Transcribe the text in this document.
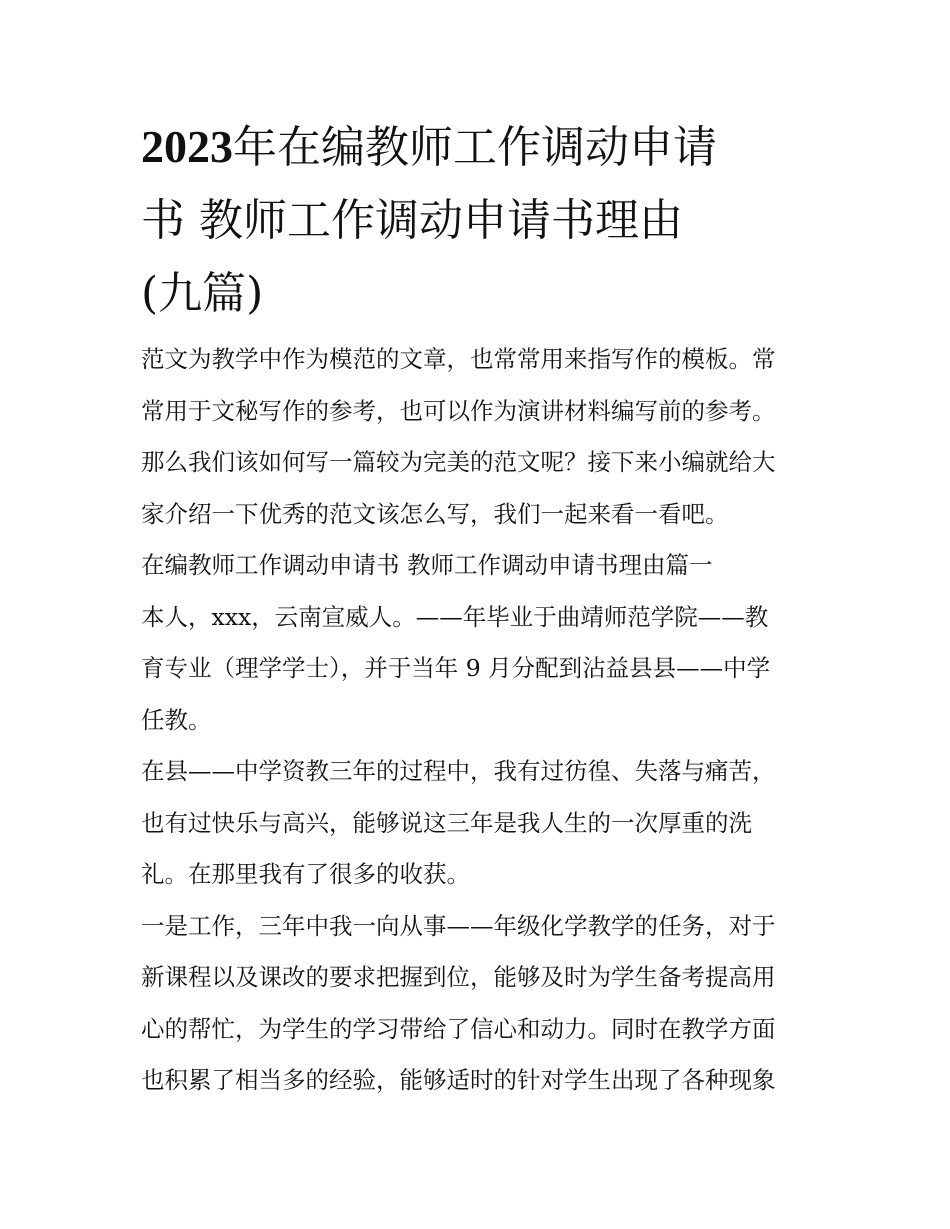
2023年在编教师工作调动申请
书 教师工作调动申请书理由
(九篇)

范文为教学中作为模范的文章，也常常用来指写作的模板。常

常用于文秘写作的参考，也可以作为演讲材料编写前的参考。

那么我们该如何写一篇较为完美的范文呢？接下来小编就给大

家介绍一下优秀的范文该怎么写，我们一起来看一看吧。

在编教师工作调动申请书 教师工作调动申请书理由篇一

本人，xxx，云南宣威人。——年毕业于曲靖师范学院——教

育专业（理学学士），并于当年 9 月分配到沾益县县——中学

任教。

在县——中学资教三年的过程中，我有过彷徨、失落与痛苦，

也有过快乐与高兴，能够说这三年是我人生的一次厚重的洗

礼。在那里我有了很多的收获。

一是工作，三年中我一向从事——年级化学教学的任务，对于

新课程以及课改的要求把握到位，能够及时为学生备考提高用

心的帮忙，为学生的学习带给了信心和动力。同时在教学方面

也积累了相当多的经验，能够适时的针对学生出现了各种现象
